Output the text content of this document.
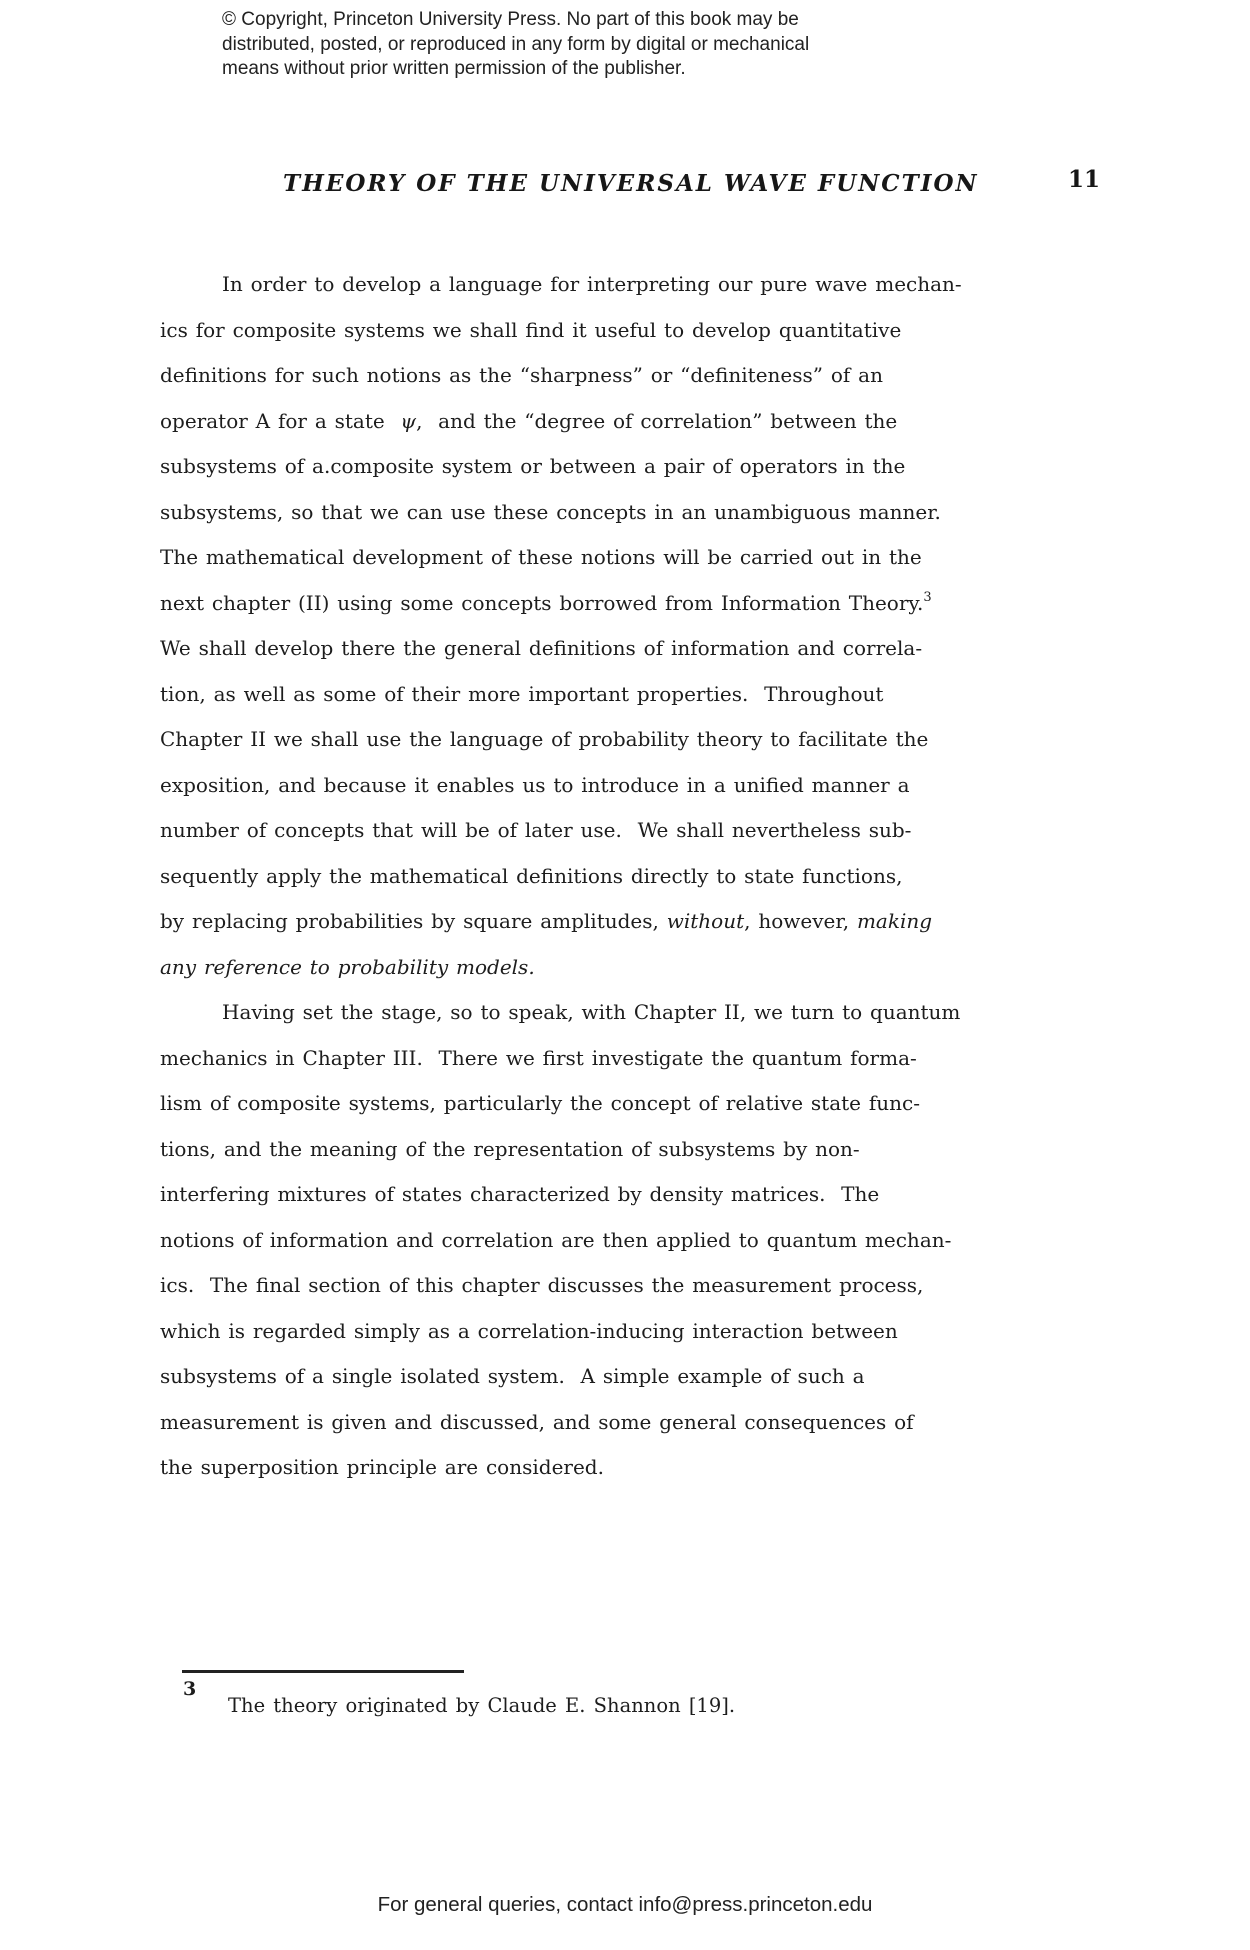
© Copyright, Princeton University Press. No part of this book may be
distributed, posted, or reproduced in any form by digital or mechanical
means without prior written permission of the publisher.
THEORY OF THE UNIVERSAL WAVE FUNCTION	11
In order to develop a language for interpreting our pure wave mechan-
ics for composite systems we shall find it useful to develop quantitative
definitions for such notions as the “sharpness” or “definiteness” of an
operator A for a state  ψ,  and the “degree of correlation” between the
subsystems of a.composite system or between a pair of operators in the
subsystems, so that we can use these concepts in an unambiguous manner.
The mathematical development of these notions will be carried out in the
next chapter (II) using some concepts borrowed from Information Theory.$^3$
We shall develop there the general definitions of information and correla-
tion, as well as some of their more important properties.  Throughout
Chapter II we shall use the language of probability theory to facilitate the
exposition, and because it enables us to introduce in a unified manner a
number of concepts that will be of later use.  We shall nevertheless sub-
sequently apply the mathematical definitions directly to state functions,
by replacing probabilities by square amplitudes, without, however, making
any reference to probability models.
Having set the stage, so to speak, with Chapter II, we turn to quantum
mechanics in Chapter III.  There we first investigate the quantum forma-
lism of composite systems, particularly the concept of relative state func-
tions, and the meaning of the representation of subsystems by non-
interfering mixtures of states characterized by density matrices.  The
notions of information and correlation are then applied to quantum mechan-
ics.  The final section of this chapter discusses the measurement process,
which is regarded simply as a correlation-inducing interaction between
subsystems of a single isolated system.  A simple example of such a
measurement is given and discussed, and some general consequences of
the superposition principle are considered.
3
The theory originated by Claude E. Shannon [19].
For general queries, contact info@press.princeton.edu
